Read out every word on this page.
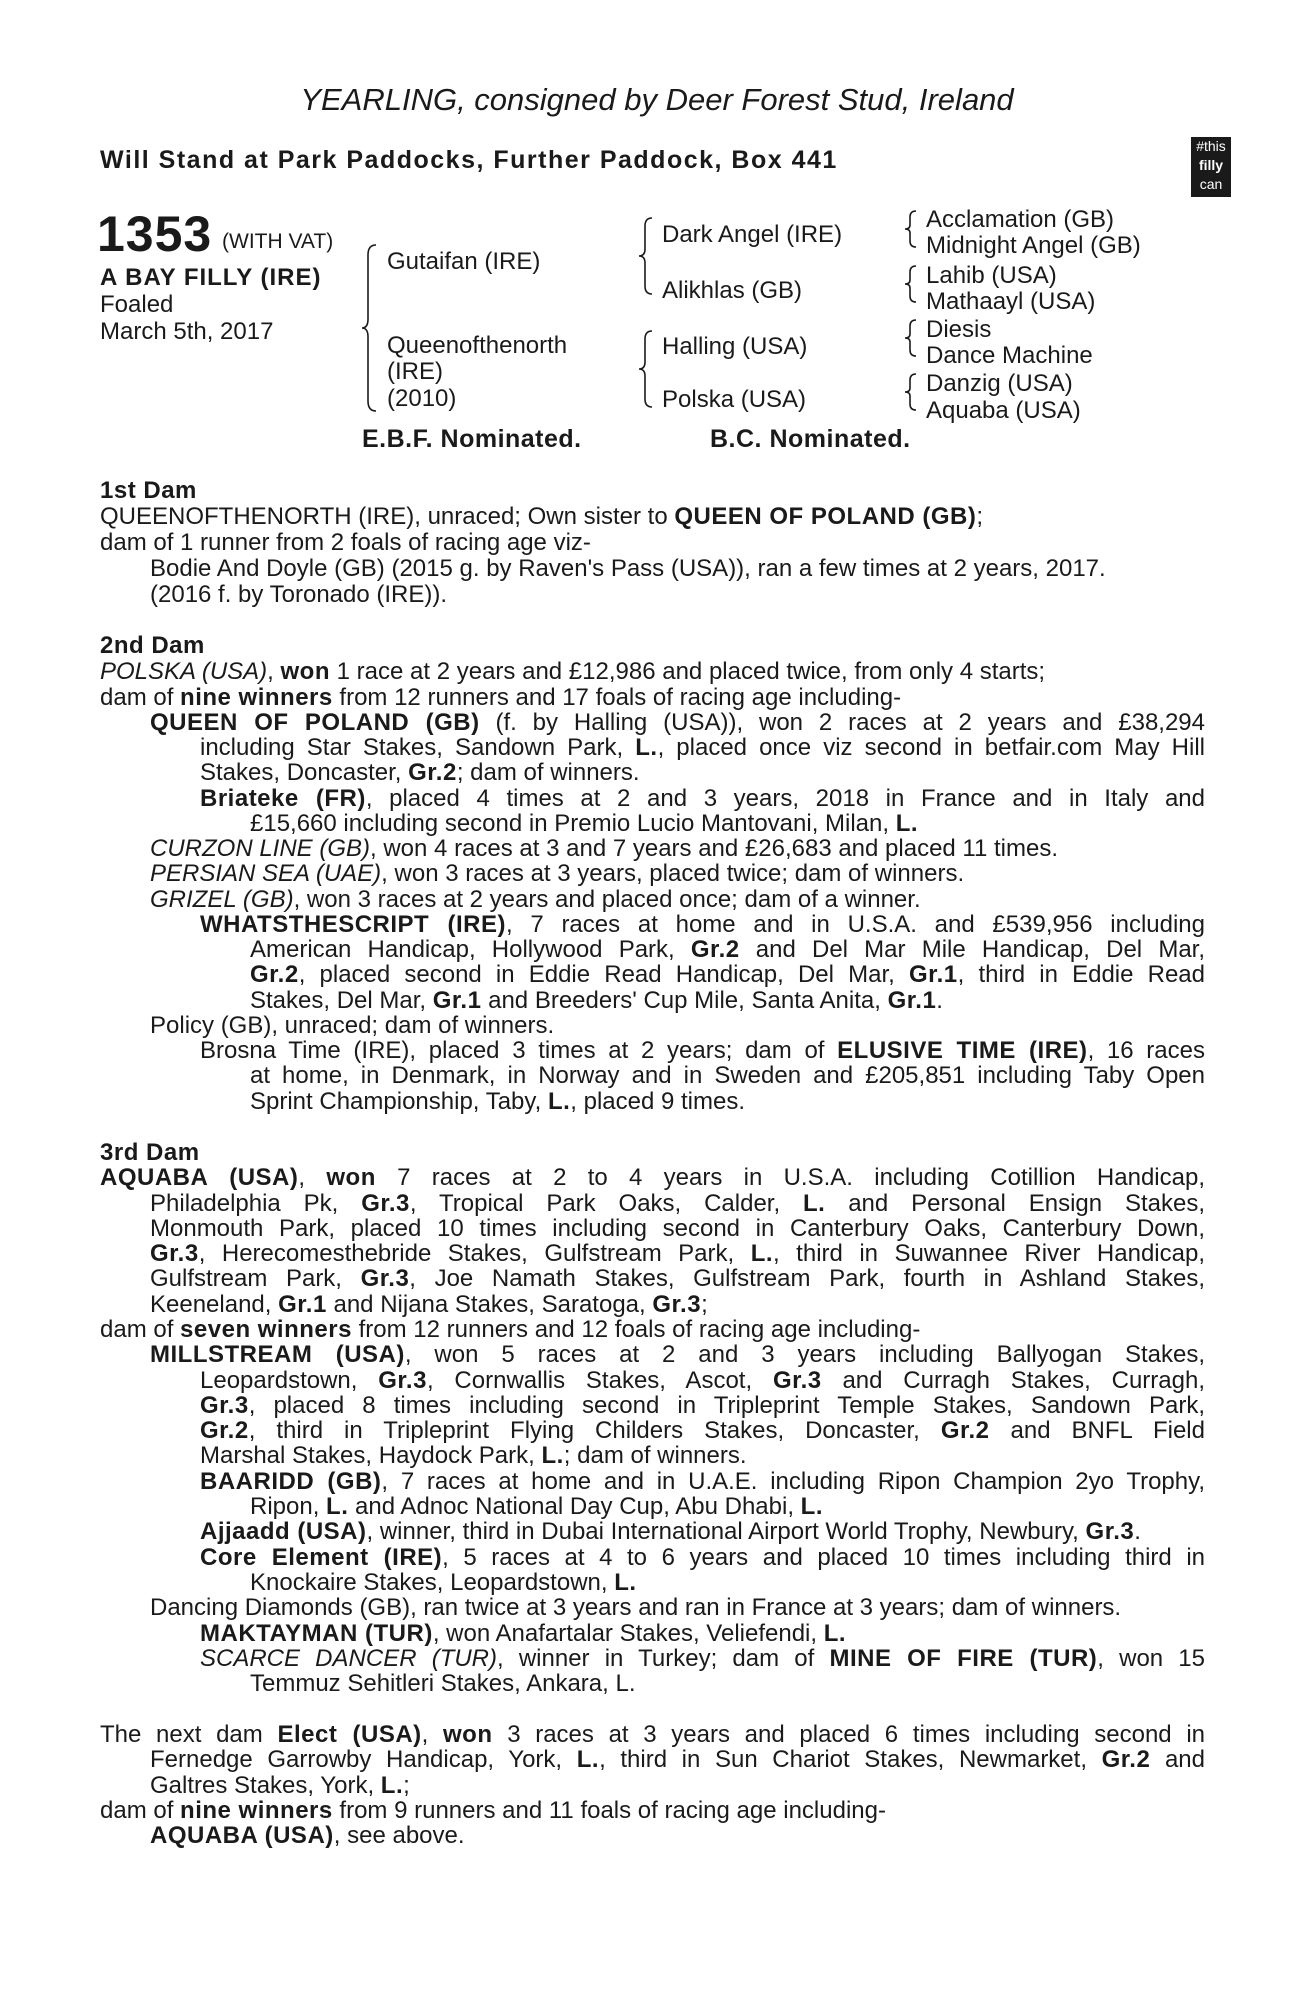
YEARLING, consigned by Deer Forest Stud, Ireland
Will Stand at Park Paddocks, Further Paddock, Box 441	#this
filly
can
1353 (WITH VAT)
A BAY FILLY (IRE)
Foaled
March 5th, 2017
Gutaifan (IRE)
Queenofthenorth
(IRE)
(2010)
Dark Angel (IRE)
Alikhlas (GB)
Halling (USA)
Polska (USA)
Acclamation (GB)
Midnight Angel (GB)
Lahib (USA)
Mathaayl (USA)
Diesis
Dance Machine
Danzig (USA)
Aquaba (USA)
E.B.F. Nominated.	B.C. Nominated.
1st Dam
QUEENOFTHENORTH (IRE), unraced; Own sister to QUEEN OF POLAND (GB);
dam of 1 runner from 2 foals of racing age viz-
Bodie And Doyle (GB) (2015 g. by Raven's Pass (USA)), ran a few times at 2 years, 2017.
(2016 f. by Toronado (IRE)).
2nd Dam
POLSKA (USA), won 1 race at 2 years and £12,986 and placed twice, from only 4 starts;
dam of nine winners from 12 runners and 17 foals of racing age including-
QUEEN OF POLAND (GB) (f. by Halling (USA)), won 2 races at 2 years and £38,294
including Star Stakes, Sandown Park, L., placed once viz second in betfair.com May Hill
Stakes, Doncaster, Gr.2; dam of winners.
Briateke (FR), placed 4 times at 2 and 3 years, 2018 in France and in Italy and
£15,660 including second in Premio Lucio Mantovani, Milan, L.
CURZON LINE (GB), won 4 races at 3 and 7 years and £26,683 and placed 11 times.
PERSIAN SEA (UAE), won 3 races at 3 years, placed twice; dam of winners.
GRIZEL (GB), won 3 races at 2 years and placed once; dam of a winner.
WHATSTHESCRIPT (IRE), 7 races at home and in U.S.A. and £539,956 including
American Handicap, Hollywood Park, Gr.2 and Del Mar Mile Handicap, Del Mar,
Gr.2, placed second in Eddie Read Handicap, Del Mar, Gr.1, third in Eddie Read
Stakes, Del Mar, Gr.1 and Breeders' Cup Mile, Santa Anita, Gr.1.
Policy (GB), unraced; dam of winners.
Brosna Time (IRE), placed 3 times at 2 years; dam of ELUSIVE TIME (IRE), 16 races
at home, in Denmark, in Norway and in Sweden and £205,851 including Taby Open
Sprint Championship, Taby, L., placed 9 times.
3rd Dam
AQUABA (USA), won 7 races at 2 to 4 years in U.S.A. including Cotillion Handicap,
Philadelphia Pk, Gr.3, Tropical Park Oaks, Calder, L. and Personal Ensign Stakes,
Monmouth Park, placed 10 times including second in Canterbury Oaks, Canterbury Down,
Gr.3, Herecomesthebride Stakes, Gulfstream Park, L., third in Suwannee River Handicap,
Gulfstream Park, Gr.3, Joe Namath Stakes, Gulfstream Park, fourth in Ashland Stakes,
Keeneland, Gr.1 and Nijana Stakes, Saratoga, Gr.3;
dam of seven winners from 12 runners and 12 foals of racing age including-
MILLSTREAM (USA), won 5 races at 2 and 3 years including Ballyogan Stakes,
Leopardstown, Gr.3, Cornwallis Stakes, Ascot, Gr.3 and Curragh Stakes, Curragh,
Gr.3, placed 8 times including second in Tripleprint Temple Stakes, Sandown Park,
Gr.2, third in Tripleprint Flying Childers Stakes, Doncaster, Gr.2 and BNFL Field
Marshal Stakes, Haydock Park, L.; dam of winners.
BAARIDD (GB), 7 races at home and in U.A.E. including Ripon Champion 2yo Trophy,
Ripon, L. and Adnoc National Day Cup, Abu Dhabi, L.
Ajjaadd (USA), winner, third in Dubai International Airport World Trophy, Newbury, Gr.3.
Core Element (IRE), 5 races at 4 to 6 years and placed 10 times including third in
Knockaire Stakes, Leopardstown, L.
Dancing Diamonds (GB), ran twice at 3 years and ran in France at 3 years; dam of winners.
MAKTAYMAN (TUR), won Anafartalar Stakes, Veliefendi, L.
SCARCE DANCER (TUR), winner in Turkey; dam of MINE OF FIRE (TUR), won 15
Temmuz Sehitleri Stakes, Ankara, L.
The next dam Elect (USA), won 3 races at 3 years and placed 6 times including second in
Fernedge Garrowby Handicap, York, L., third in Sun Chariot Stakes, Newmarket, Gr.2 and
Galtres Stakes, York, L.;
dam of nine winners from 9 runners and 11 foals of racing age including-
AQUABA (USA), see above.
